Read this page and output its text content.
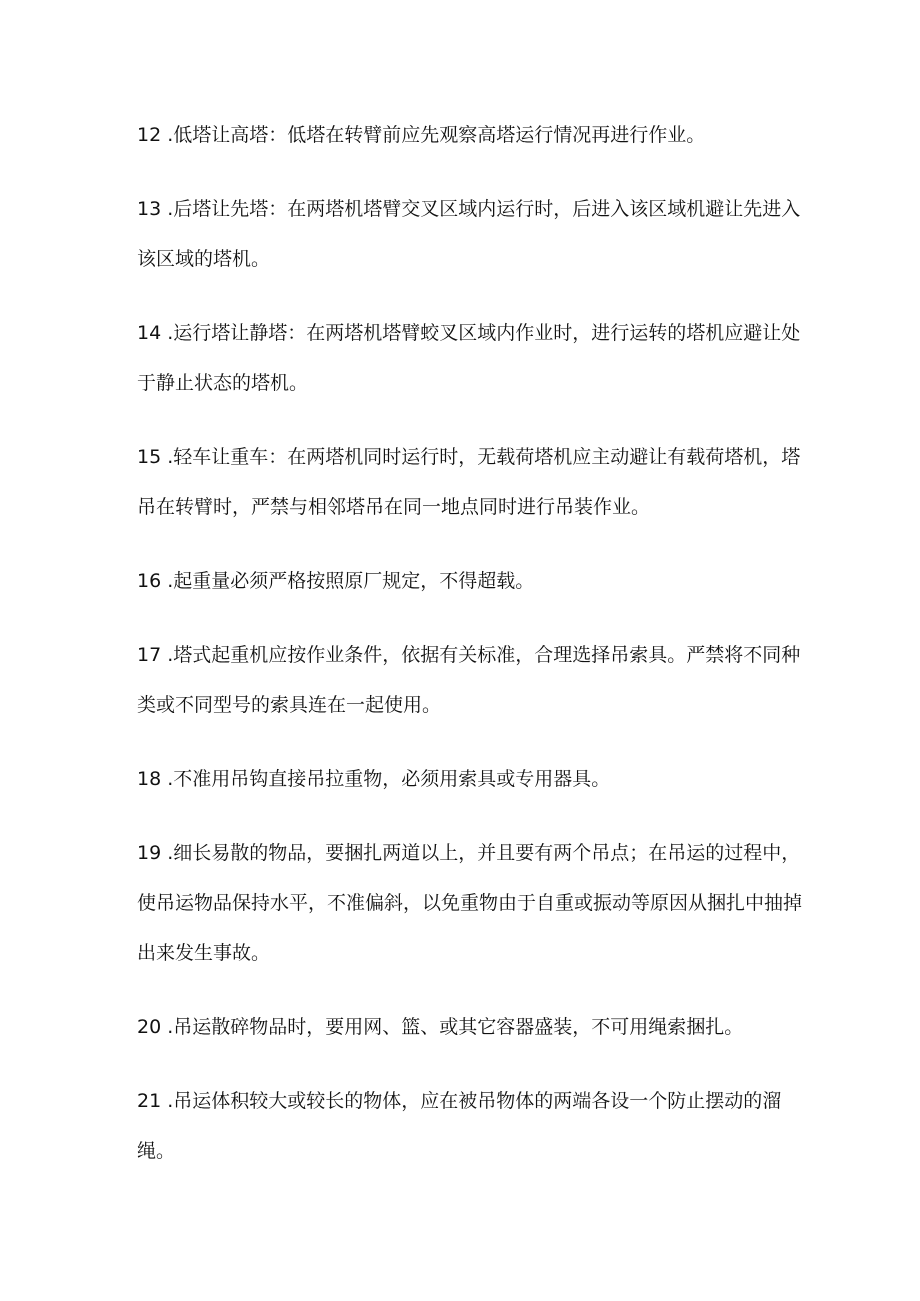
12 .低塔让高塔：低塔在转臂前应先观察高塔运行情况再进行作业。

13 .后塔让先塔：在两塔机塔臂交叉区域内运行时，后进入该区域机避让先进入该区域的塔机。

14 .运行塔让静塔：在两塔机塔臂蛟叉区域内作业时，进行运转的塔机应避让处于静止状态的塔机。

15 .轻车让重车：在两塔机同时运行时，无载荷塔机应主动避让有载荷塔机，塔吊在转臂时，严禁与相邻塔吊在同一地点同时进行吊装作业。

16 .起重量必须严格按照原厂规定，不得超载。

17 .塔式起重机应按作业条件，依据有关标准，合理选择吊索具。严禁将不同种类或不同型号的索具连在一起使用。

18 .不准用吊钩直接吊拉重物，必须用索具或专用器具。

19 .细长易散的物品，要捆扎两道以上，并且要有两个吊点；在吊运的过程中，使吊运物品保持水平，不准偏斜，以免重物由于自重或振动等原因从捆扎中抽掉出来发生事故。

20 .吊运散碎物品时，要用网、篮、或其它容器盛装，不可用绳索捆扎。

21 .吊运体积较大或较长的物体，应在被吊物体的两端各设一个防止摆动的溜绳。
